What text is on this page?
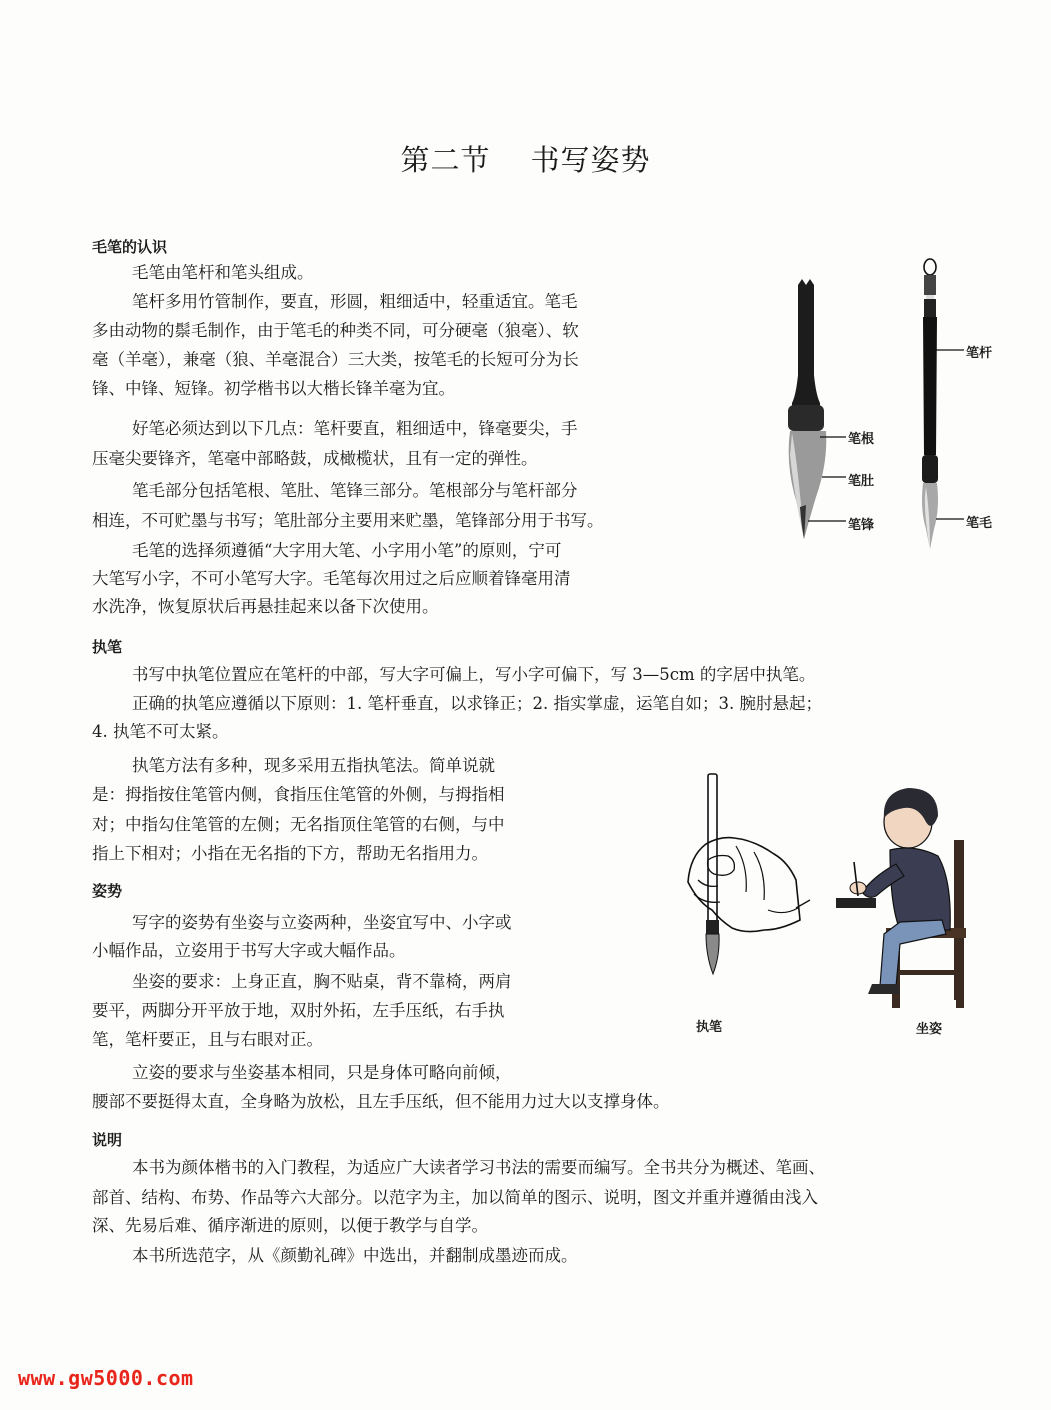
第二节 书写姿势
毛笔的认识
毛笔由笔杆和笔头组成。
笔杆多用竹管制作，要直，形圆，粗细适中，轻重适宜。笔毛
多由动物的鬃毛制作，由于笔毛的种类不同，可分硬毫（狼毫）、软
毫（羊毫），兼毫（狼、羊毫混合）三大类，按笔毛的长短可分为长
锋、中锋、短锋。初学楷书以大楷长锋羊毫为宜。
好笔必须达到以下几点：笔杆要直，粗细适中，锋毫要尖，手
压毫尖要锋齐，笔毫中部略鼓，成橄榄状，且有一定的弹性。
笔毛部分包括笔根、笔肚、笔锋三部分。笔根部分与笔杆部分
相连，不可贮墨与书写；笔肚部分主要用来贮墨，笔锋部分用于书写。
毛笔的选择须遵循“大字用大笔、小字用小笔”的原则，宁可
大笔写小字，不可小笔写大字。毛笔每次用过之后应顺着锋毫用清
水洗净，恢复原状后再悬挂起来以备下次使用。
执笔
书写中执笔位置应在笔杆的中部，写大字可偏上，写小字可偏下，写 3—5cm 的字居中执笔。
正确的执笔应遵循以下原则：1. 笔杆垂直，以求锋正；2. 指实掌虚，运笔自如；3. 腕肘悬起；
4. 执笔不可太紧。
执笔方法有多种，现多采用五指执笔法。简单说就
是：拇指按住笔管内侧，食指压住笔管的外侧，与拇指相
对；中指勾住笔管的左侧；无名指顶住笔管的右侧，与中
指上下相对；小指在无名指的下方，帮助无名指用力。
姿势
写字的姿势有坐姿与立姿两种，坐姿宜写中、小字或
小幅作品，立姿用于书写大字或大幅作品。
坐姿的要求：上身正直，胸不贴桌，背不靠椅，两肩
要平，两脚分开平放于地，双肘外拓，左手压纸，右手执
笔，笔杆要正，且与右眼对正。
立姿的要求与坐姿基本相同，只是身体可略向前倾，
腰部不要挺得太直，全身略为放松，且左手压纸，但不能用力过大以支撑身体。
说明
本书为颜体楷书的入门教程，为适应广大读者学习书法的需要而编写。全书共分为概述、笔画、
部首、结构、布势、作品等六大部分。以范字为主，加以简单的图示、说明，图文并重并遵循由浅入
深、先易后难、循序渐进的原则，以便于教学与自学。
本书所选范字，从《颜勤礼碑》中选出，并翻制成墨迹而成。
笔根
笔肚
笔锋
笔杆
笔毛
执笔	坐姿
www.gw5000.com
